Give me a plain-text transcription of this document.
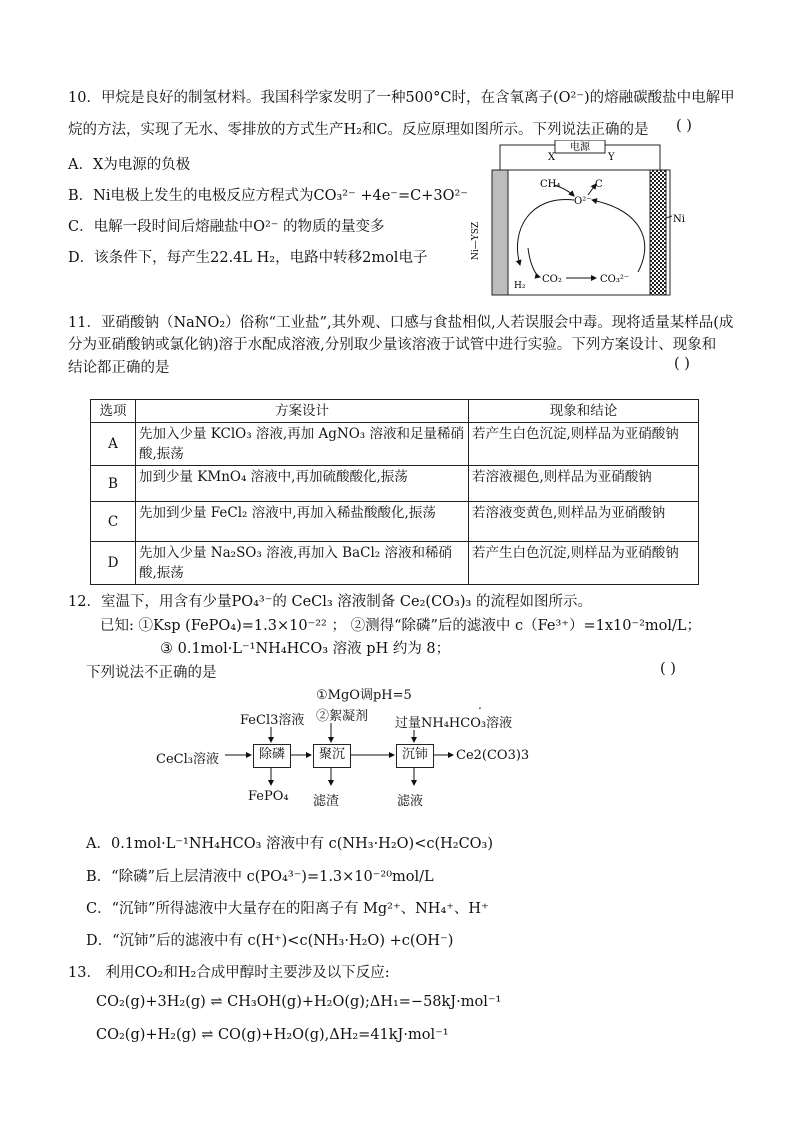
10．甲烷是良好的制氢材料。我国科学家发明了一种500°C时，在含氧离子(O²⁻)的熔融碳酸盐中电解甲
烷的方法，实现了无水、零排放的方式生产H₂和C。反应原理如图所示。下列说法正确的是 ( )
A．X为电源的负极
B．Ni电极上发生的电极反应方程式为CO₃²⁻ +4e⁻=C+3O²⁻
C．电解一段时间后熔融盐中O²⁻ 的物质的量变多
D．该条件下，每产生22.4L H₂，电路中转移2mol电子
电源
X	Y
Ni—YSZ
Ni
CH₄	C
O²⁻
H₂
CO₂	CO₃²⁻
11．亚硝酸钠（NaNO₂）俗称“工业盐”,其外观、口感与食盐相似,人若误服会中毒。现将适量某样品(成
分为亚硝酸钠或氯化钠)溶于水配成溶液,分别取少量该溶液于试管中进行实验。下列方案设计、现象和
结论都正确的是	( )
选项	方案设计	现象和结论
A	先加入少量 KClO₃ 溶液,再加 AgNO₃ 溶液和足量稀硝酸,振荡	若产生白色沉淀,则样品为亚硝酸钠
B	加到少量 KMnO₄ 溶液中,再加硫酸酸化,振荡	若溶液褪色,则样品为亚硝酸钠
C	先加到少量 FeCl₂ 溶液中,再加入稀盐酸酸化,振荡	若溶液变黄色,则样品为亚硝酸钠
D	先加入少量 Na₂SO₃ 溶液,再加入 BaCl₂ 溶液和稀硝酸,振荡	若产生白色沉淀,则样品为亚硝酸钠
12．室温下，用含有少量PO₄³⁻的 CeCl₃ 溶液制备 Ce₂(CO₃)₃ 的流程如图所示。
已知: ①Ksp (FePO₄)=1.3×10⁻²² ； ②测得“除磷”后的滤液中 c（Fe³⁺）=1x10⁻²mol/L；
③ 0.1mol·L⁻¹NH₄HCO₃ 溶液 pH 约为 8；
下列说法不正确的是	( )
①MgO调pH=5
②絮凝剂
.
FeCl3溶液	过量NH₄HCO₃溶液
CeCl₃溶液	除磷	聚沉	沉铈	Ce2(CO3)3
FePO₄ 滤渣	滤液
A．0.1mol·L⁻¹NH₄HCO₃ 溶液中有 c(NH₃·H₂O)<c(H₂CO₃)
B．“除磷”后上层清液中 c(PO₄³⁻)=1.3×10⁻²⁰mol/L
C．“沉铈”所得滤液中大量存在的阳离子有 Mg²⁺、NH₄⁺、H⁺
D．“沉铈”后的滤液中有 c(H⁺)<c(NH₃·H₂O) +c(OH⁻)
13． 利用CO₂和H₂合成甲醇时主要涉及以下反应:
CO₂(g)+3H₂(g) ⇌ CH₃OH(g)+H₂O(g);ΔH₁=−58kJ·mol⁻¹
CO₂(g)+H₂(g) ⇌ CO(g)+H₂O(g),ΔH₂=41kJ·mol⁻¹
